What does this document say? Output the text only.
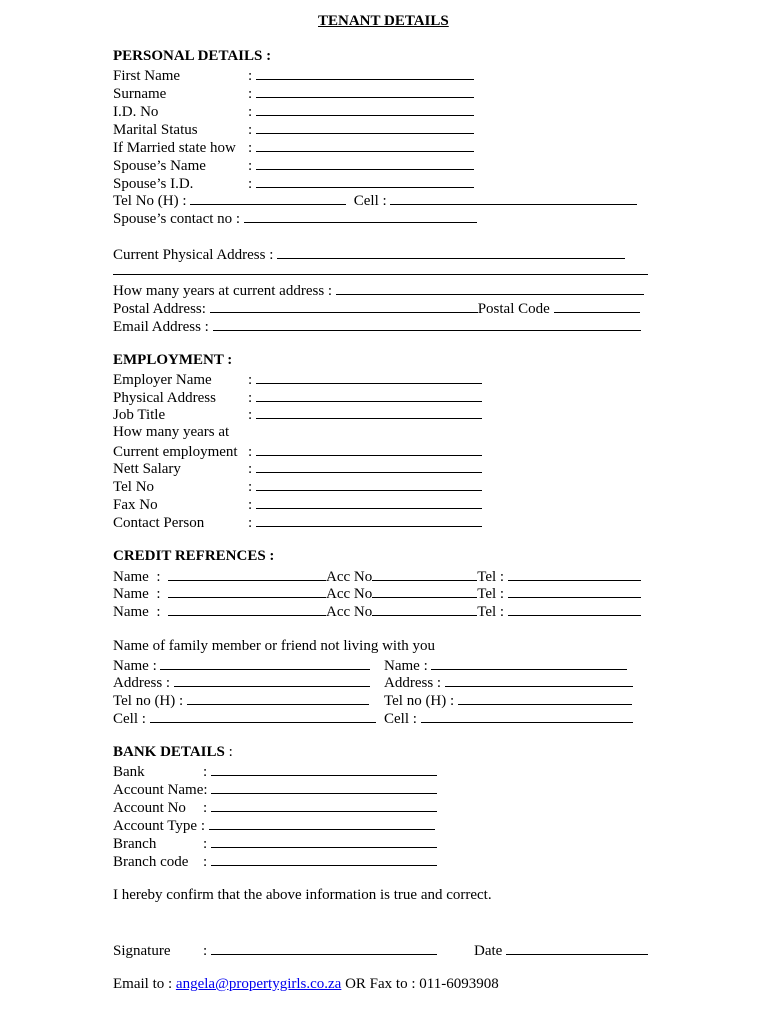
TENANT DETAILS
PERSONAL DETAILS :
First Name	:
Surname	:
I.D. No	:
Marital Status	:
If Married state how :
Spouse’s Name	:
Spouse’s I.D.	:
Tel No (H) :	Cell :
Spouse’s contact no :
Current Physical Address :
How many years at current address :
Postal Address:	Postal Code
Email Address :
EMPLOYMENT :
Employer Name :
Physical Address :
Job Title	:
How many years at
Current employment :
Nett Salary	:
Tel No	:
Fax No	:
Contact Person	:
CREDIT REFRENCES :
Name  :	Acc No	Tel :
Name  :	Acc No	Tel :
Name  :	Acc No	Tel :
Name of family member or friend not living with you
Name :	Name :
Address :	Address :
Tel no (H) :	Tel no (H) :
Cell :	Cell :
BANK DETAILS :
Bank	:
Account Name:
Account No :
Account Type :
Branch	:
Branch code :
I hereby confirm that the above information is true and correct.
Signature :	Date
Email to : angela@propertygirls.co.za OR Fax to : 011-6093908
